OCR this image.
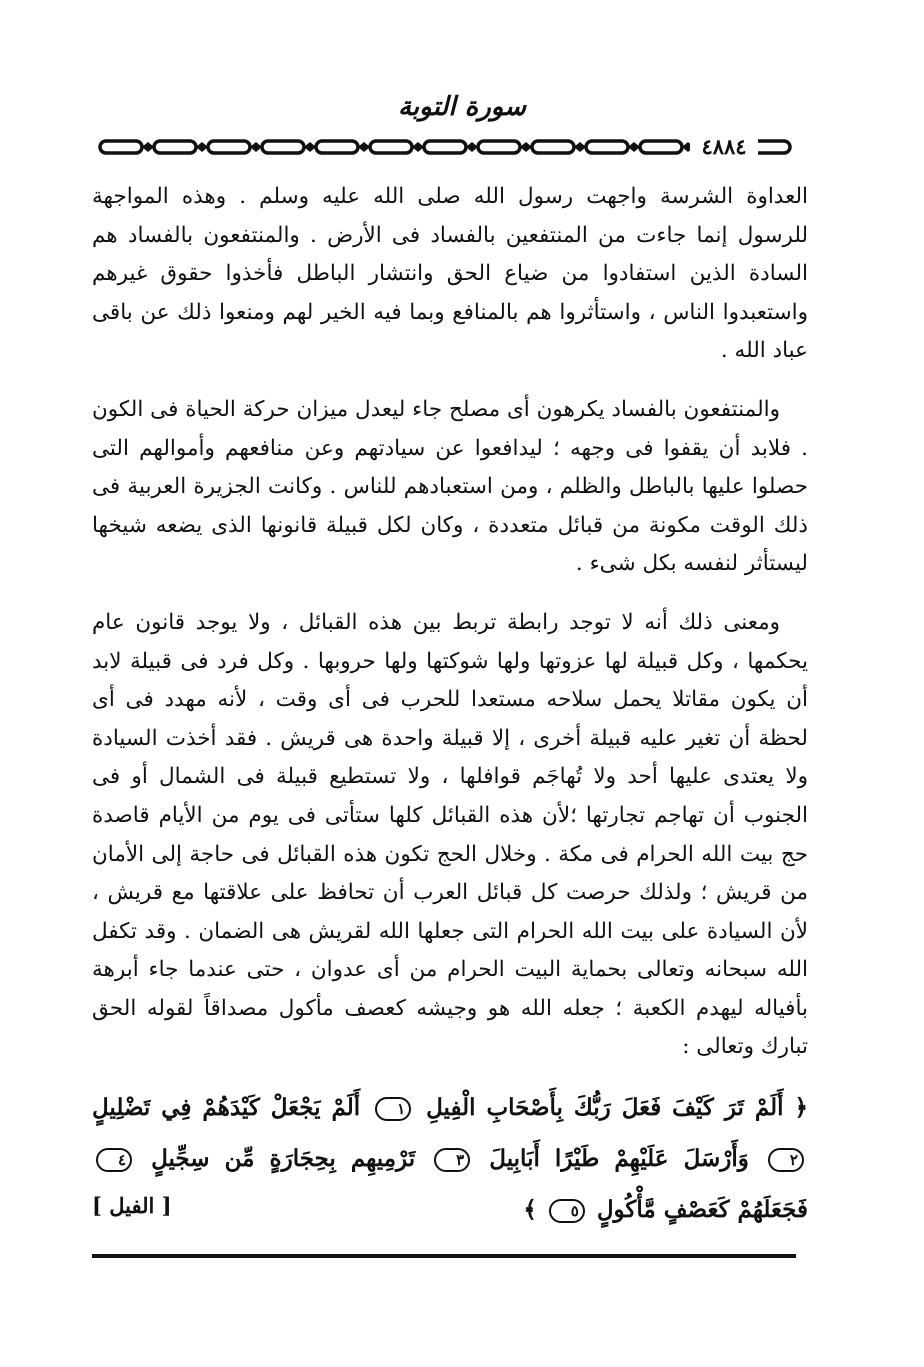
سورة التوبة
٤٨٨٤

العداوة الشرسة واجهت رسول الله صلى الله عليه وسلم . وهذه المواجهة للرسول إنما جاءت من المنتفعين بالفساد فى الأرض . والمنتفعون بالفساد هم السادة الذين استفادوا من ضياع الحق وانتشار الباطل فأخذوا حقوق غيرهم واستعبدوا الناس ، واستأثروا هم بالمنافع وبما فيه الخير لهم ومنعوا ذلك عن باقى عباد الله .

والمنتفعون بالفساد يكرهون أى مصلح جاء ليعدل ميزان حركة الحياة فى الكون . فلابد أن يقفوا فى وجهه ؛ ليدافعوا عن سيادتهم وعن منافعهم وأموالهم التى حصلوا عليها بالباطل والظلم ، ومن استعبادهم للناس . وكانت الجزيرة العربية فى ذلك الوقت مكونة من قبائل متعددة ، وكان لكل قبيلة قانونها الذى يضعه شيخها ليستأثر لنفسه بكل شىء .

ومعنى ذلك أنه لا توجد رابطة تربط بين هذه القبائل ، ولا يوجد قانون عام يحكمها ، وكل قبيلة لها عزوتها ولها شوكتها ولها حروبها . وكل فرد فى قبيلة لابد أن يكون مقاتلا يحمل سلاحه مستعدا للحرب فى أى وقت ، لأنه مهدد فى أى لحظة أن تغير عليه قبيلة أخرى ، إلا قبيلة واحدة هى قريش . فقد أخذت السيادة ولا يعتدى عليها أحد ولا تُهاجَم قوافلها ، ولا تستطيع قبيلة فى الشمال أو فى الجنوب أن تهاجم تجارتها ؛لأن هذه القبائل كلها ستأتى فى يوم من الأيام قاصدة حج بيت الله الحرام فى مكة . وخلال الحج تكون هذه القبائل فى حاجة إلى الأمان من قريش ؛ ولذلك حرصت كل قبائل العرب أن تحافظ على علاقتها مع قريش ، لأن السيادة على بيت الله الحرام التى جعلها الله لقريش هى الضمان . وقد تكفل الله سبحانه وتعالى بحماية البيت الحرام من أى عدوان ، حتى عندما جاء أبرهة بأفياله ليهدم الكعبة ؛ جعله الله هو وجيشه كعصف مأكول مصداقاً لقوله الحق تبارك وتعالى :

﴿ أَلَمْ تَرَ كَيْفَ فَعَلَ رَبُّكَ بِأَصْحَابِ الْفِيلِ ١ أَلَمْ يَجْعَلْ كَيْدَهُمْ فِي تَضْلِيلٍ ٢ وَأَرْسَلَ عَلَيْهِمْ طَيْرًا أَبَابِيلَ ٣ تَرْمِيهِم بِحِجَارَةٍ مِّن سِجِّيلٍ ٤ فَجَعَلَهُمْ كَعَصْفٍ مَّأْكُولٍ ٥ ﴾
[ الفيل ]
